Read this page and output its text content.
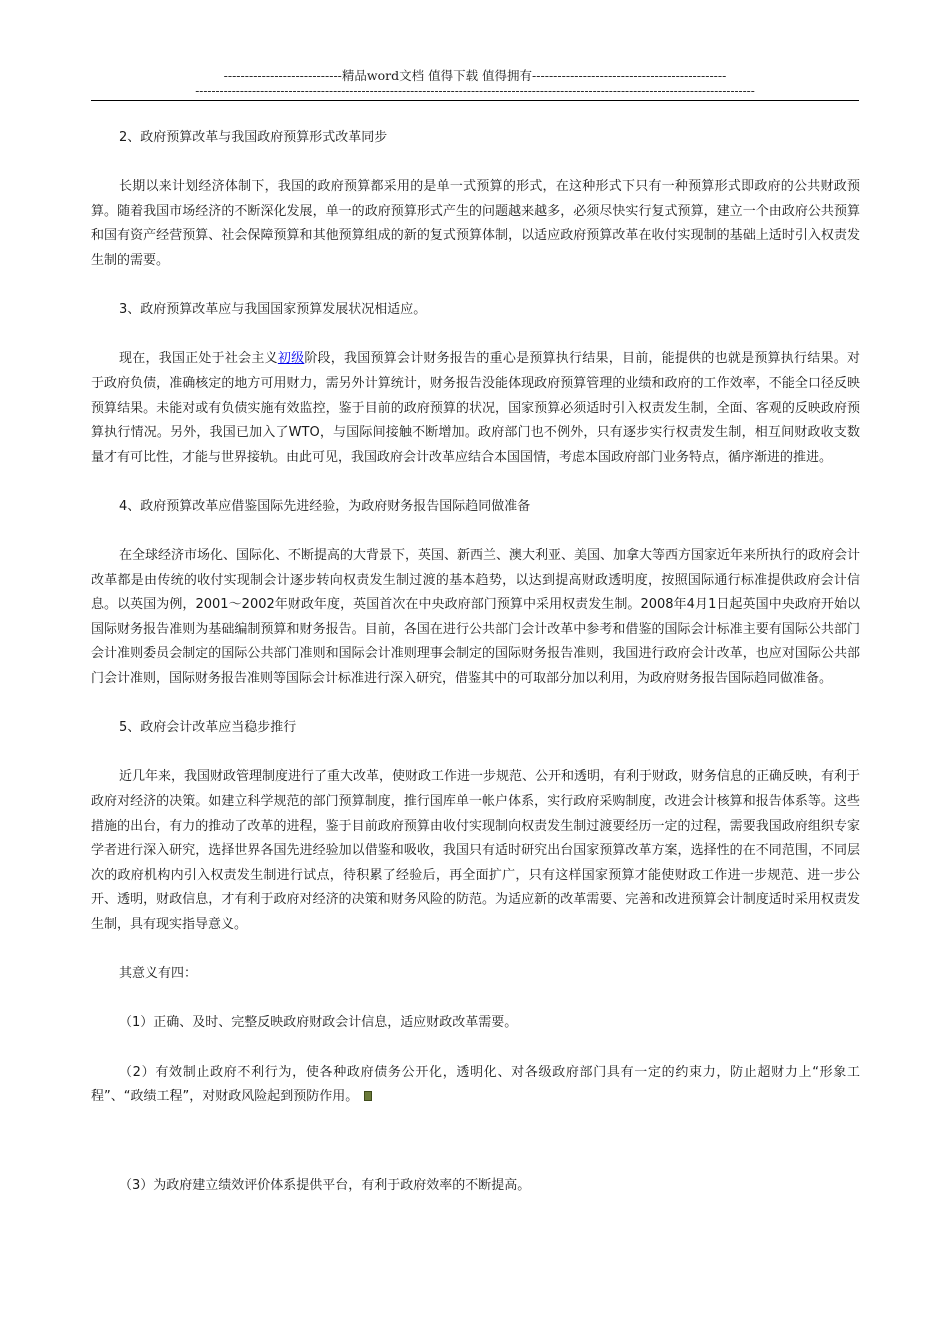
----------------------------精品word文档 值得下载 值得拥有----------------------------------------------
------------------------------------------------------------------------------------------------------------------------------------------

2、政府预算改革与我国政府预算形式改革同步

长期以来计划经济体制下，我国的政府预算都采用的是单一式预算的形式，在这种形式下只有一种预算形式即政府的公共财政预算。随着我国市场经济的不断深化发展，单一的政府预算形式产生的问题越来越多，必须尽快实行复式预算，建立一个由政府公共预算和国有资产经营预算、社会保障预算和其他预算组成的新的复式预算体制，以适应政府预算改革在收付实现制的基础上适时引入权责发生制的需要。

3、政府预算改革应与我国国家预算发展状况相适应。

现在，我国正处于社会主义初级阶段，我国预算会计财务报告的重心是预算执行结果，目前，能提供的也就是预算执行结果。对于政府负债，准确核定的地方可用财力，需另外计算统计，财务报告没能体现政府预算管理的业绩和政府的工作效率，不能全口径反映预算结果。未能对或有负债实施有效监控，鉴于目前的政府预算的状况，国家预算必须适时引入权责发生制，全面、客观的反映政府预算执行情况。另外，我国已加入了WTO，与国际间接触不断增加。政府部门也不例外，只有逐步实行权责发生制，相互间财政收支数量才有可比性，才能与世界接轨。由此可见，我国政府会计改革应结合本国国情，考虑本国政府部门业务特点，循序渐进的推进。

4、政府预算改革应借鉴国际先进经验，为政府财务报告国际趋同做准备

在全球经济市场化、国际化、不断提高的大背景下，英国、新西兰、澳大利亚、美国、加拿大等西方国家近年来所执行的政府会计改革都是由传统的收付实现制会计逐步转向权责发生制过渡的基本趋势，以达到提高财政透明度，按照国际通行标准提供政府会计信息。以英国为例，2001～2002年财政年度，英国首次在中央政府部门预算中采用权责发生制。2008年4月1日起英国中央政府开始以国际财务报告准则为基础编制预算和财务报告。目前，各国在进行公共部门会计改革中参考和借鉴的国际会计标准主要有国际公共部门会计准则委员会制定的国际公共部门准则和国际会计准则理事会制定的国际财务报告准则，我国进行政府会计改革，也应对国际公共部门会计准则，国际财务报告准则等国际会计标准进行深入研究，借鉴其中的可取部分加以利用，为政府财务报告国际趋同做准备。

5、政府会计改革应当稳步推行

近几年来，我国财政管理制度进行了重大改革，使财政工作进一步规范、公开和透明，有利于财政，财务信息的正确反映，有利于政府对经济的决策。如建立科学规范的部门预算制度，推行国库单一帐户体系，实行政府采购制度，改进会计核算和报告体系等。这些措施的出台，有力的推动了改革的进程，鉴于目前政府预算由收付实现制向权责发生制过渡要经历一定的过程，需要我国政府组织专家学者进行深入研究，选择世界各国先进经验加以借鉴和吸收，我国只有适时研究出台国家预算改革方案，选择性的在不同范围，不同层次的政府机构内引入权责发生制进行试点，待积累了经验后，再全面扩广，只有这样国家预算才能使财政工作进一步规范、进一步公开、透明，财政信息，才有利于政府对经济的决策和财务风险的防范。为适应新的改革需要、完善和改进预算会计制度适时采用权责发生制，具有现实指导意义。

其意义有四：

（1）正确、及时、完整反映政府财政会计信息，适应财政改革需要。

（2）有效制止政府不利行为，使各种政府债务公开化，透明化、对各级政府部门具有一定的约束力，防止超财力上“形象工程”、“政绩工程”，对财政风险起到预防作用。

（3）为政府建立绩效评价体系提供平台，有利于政府效率的不断提高。
